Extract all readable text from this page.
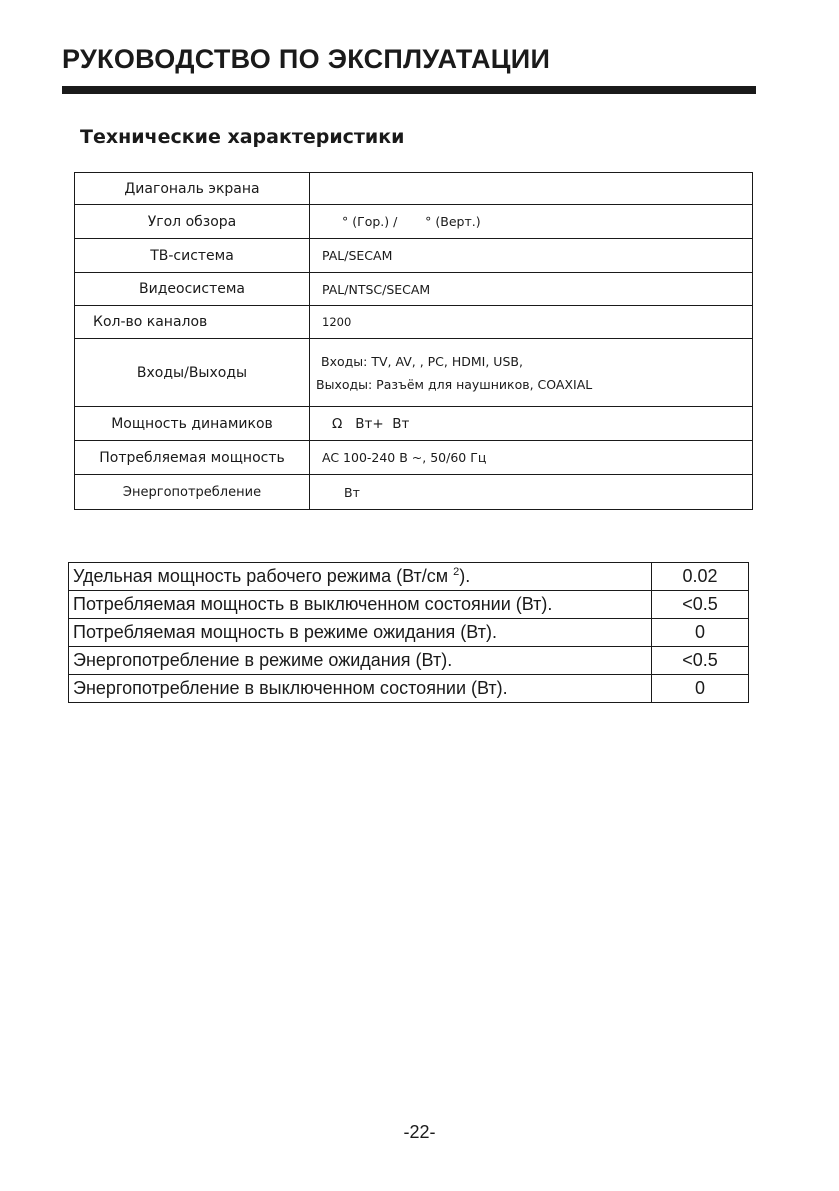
РУКОВОДСТВО ПО ЭКСПЛУАТАЦИИ
Технические характеристики
Диагональ экрана	
Угол обзора	° (Гор.) /       ° (Верт.)
ТВ-система	PAL/SECAM
Видеосистема	PAL/NTSC/SECAM
Кол-во каналов	1200
Входы/Выходы	Входы: TV, AV, , PC, HDMI, USB,
Выходы: Разъём для наушников, COAXIAL

Мощность динамиков	Ω   Вт+  Вт
Потребляемая мощность	AC 100-240 В ~, 50/60 Гц
Энергопотребление	Вт
Удельная мощность рабочего режима (Вт/см $^2$).	0.02
Потребляемая мощность в выключенном состоянии (Вт).	<0.5
Потребляемая мощность в режиме ожидания (Вт).	0
Энергопотребление в режиме ожидания (Вт).	<0.5
Энергопотребление в выключенном состоянии (Вт).	0
-22-
